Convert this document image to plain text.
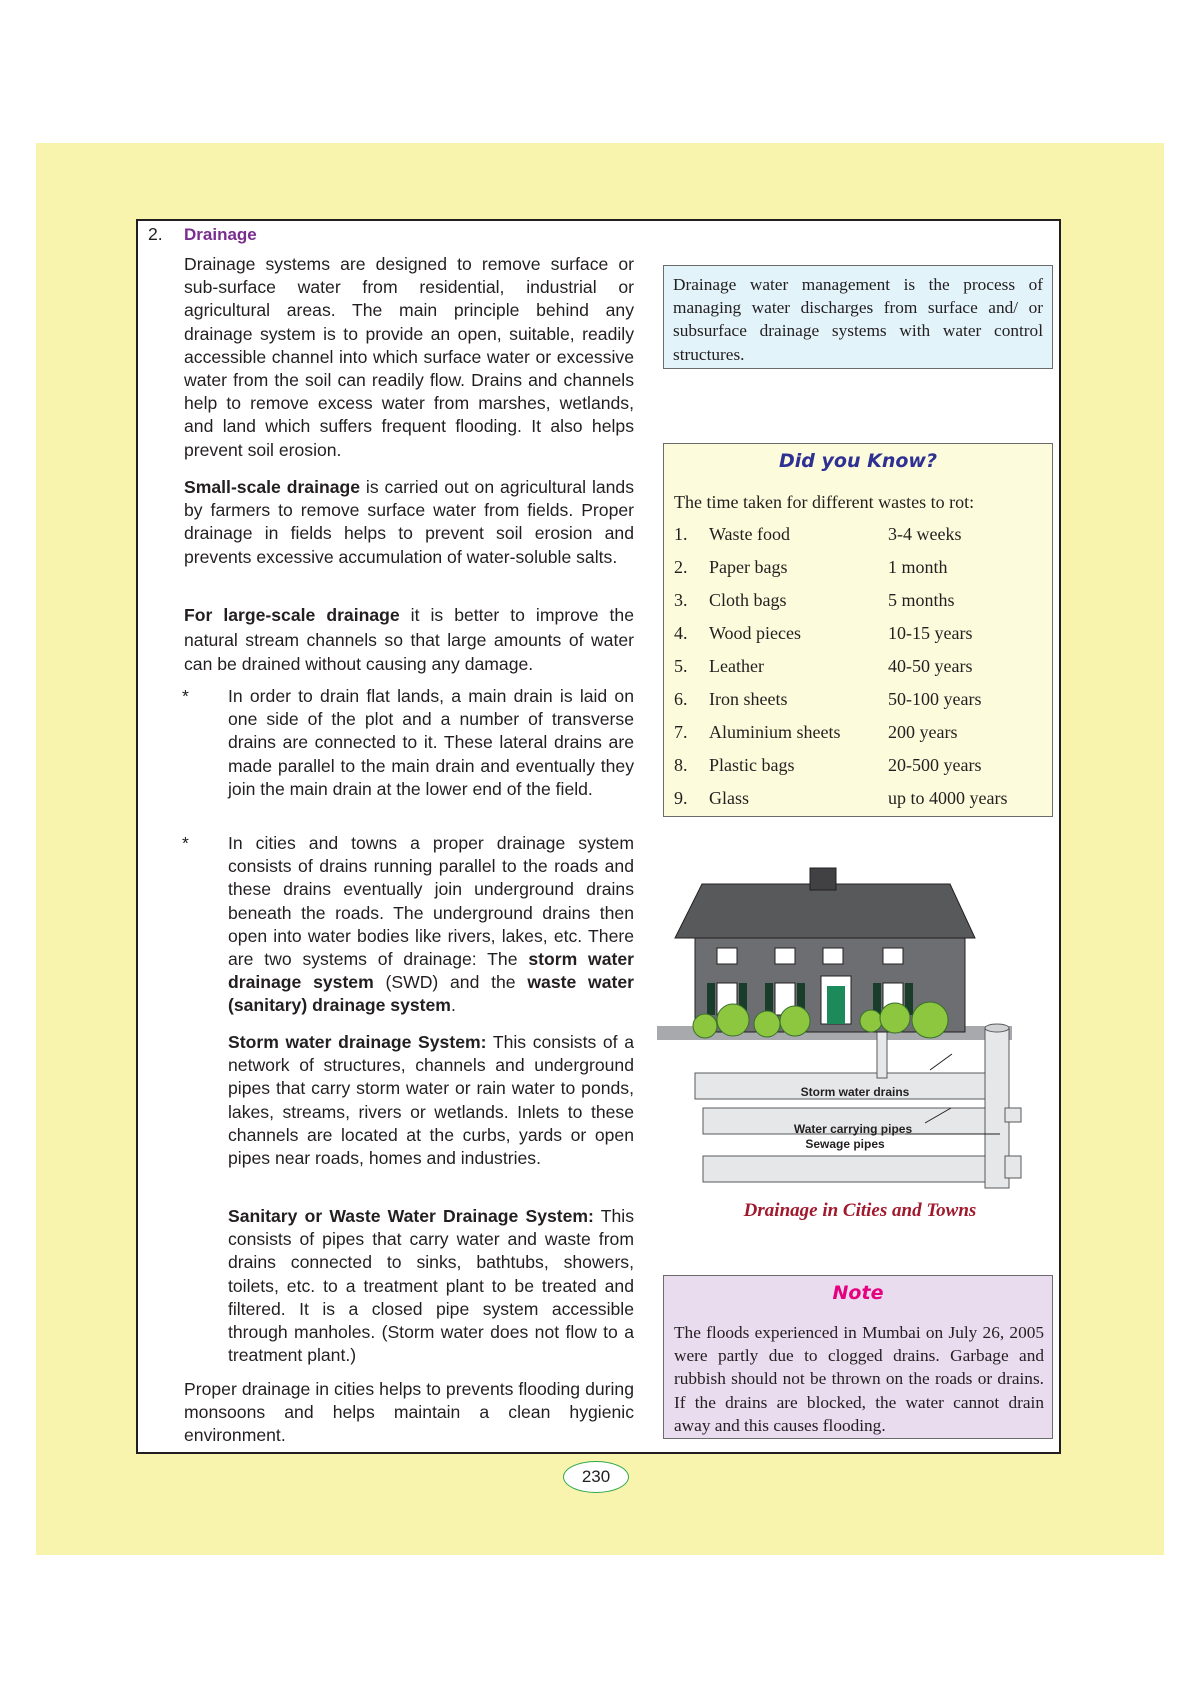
2. Drainage

Drainage systems are designed to remove surface or sub-surface water from residential, industrial or agricultural areas. The main principle behind any drainage system is to provide an open, suitable, readily accessible channel into which surface water or excessive water from the soil can readily flow. Drains and channels help to remove excess water from marshes, wetlands, and land which suffers frequent flooding. It also helps prevent soil erosion.

Small-scale drainage is carried out on agricultural lands by farmers to remove surface water from fields. Proper drainage in fields helps to prevent soil erosion and prevents excessive accumulation of water-soluble salts.

For large-scale drainage it is better to improve the natural stream channels so that large amounts of water can be drained without causing any damage.

* In order to drain flat lands, a main drain is laid on one side of the plot and a number of transverse drains are connected to it. These lateral drains are made parallel to the main drain and eventually they join the main drain at the lower end of the field.
* In cities and towns a proper drainage system consists of drains running parallel to the roads and these drains eventually join underground drains beneath the roads. The underground drains then open into water bodies like rivers, lakes, etc. There are two systems of drainage: The storm water drainage system (SWD) and the waste water (sanitary) drainage system.
Storm water drainage System: This consists of a network of structures, channels and underground pipes that carry storm water or rain water to ponds, lakes, streams, rivers or wetlands. Inlets to these channels are located at the curbs, yards or open pipes near roads, homes and industries.
Sanitary or Waste Water Drainage System: This consists of pipes that carry water and waste from drains connected to sinks, bathtubs, showers, toilets, etc. to a treatment plant to be treated and filtered. It is a closed pipe system accessible through manholes. (Storm water does not flow to a treatment plant.)

Proper drainage in cities helps to prevents flooding during monsoons and helps maintain a clean hygienic environment.

Drainage water management is the process of managing water discharges from surface and/ or subsurface drainage systems with water control structures.
Did you Know?
The time taken for different wastes to rot:
1. Waste food	3-4 weeks
2. Paper bags	1 month
3. Cloth bags	5 months
4. Wood pieces	10-15 years
5. Leather	40-50 years
6. Iron sheets	50-100 years
7. Aluminium sheets	200 years
8. Plastic bags	20-500 years
9. Glass	up to 4000 years
Storm water drains
Water carrying pipes
Sewage pipes
Drainage in Cities and Towns
Note
The floods experienced in Mumbai on July 26, 2005 were partly due to clogged drains. Garbage and rubbish should not be thrown on the roads or drains. If the drains are blocked, the water cannot drain away and this causes flooding.
230
